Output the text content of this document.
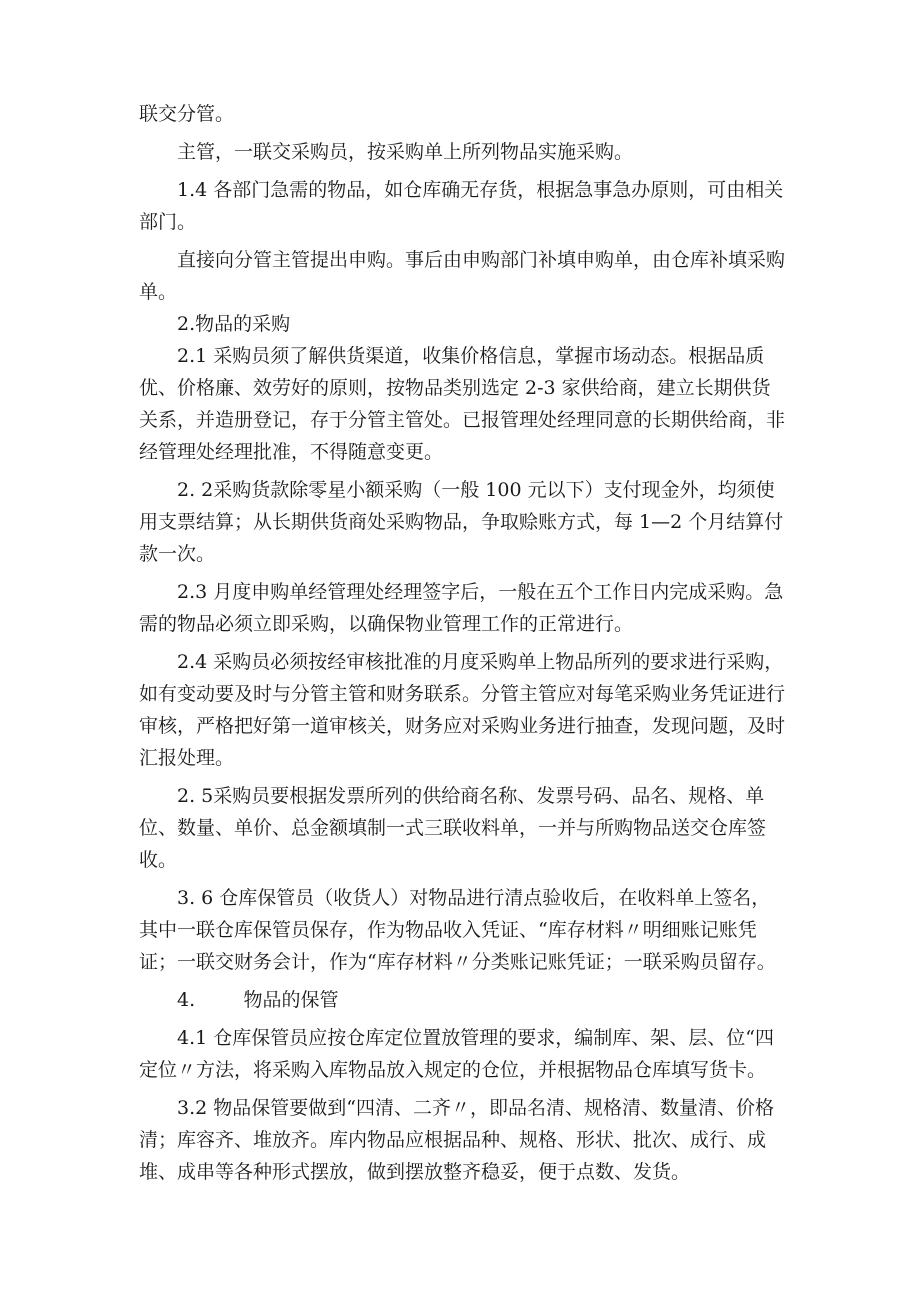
联交分管。

主管，一联交采购员，按采购单上所列物品实施采购。

1.4 各部门急需的物品，如仓库确无存货，根据急事急办原则，可由相关部门。

直接向分管主管提出申购。事后由申购部门补填申购单，由仓库补填采购单。

2.物品的采购

2.1 采购员须了解供货渠道，收集价格信息，掌握市场动态。根据品质优、价格廉、效劳好的原则，按物品类别选定 2-3 家供给商，建立长期供货关系，并造册登记，存于分管主管处。已报管理处经理同意的长期供给商，非经管理处经理批准，不得随意变更。

2. 2采购货款除零星小额采购（一般 100 元以下）支付现金外，均须使用支票结算；从长期供货商处采购物品，争取赊账方式，每 1—2 个月结算付款一次。

2.3 月度申购单经管理处经理签字后，一般在五个工作日内完成采购。急需的物品必须立即采购，以确保物业管理工作的正常进行。

2.4 采购员必须按经审核批准的月度采购单上物品所列的要求进行采购，如有变动要及时与分管主管和财务联系。分管主管应对每笔采购业务凭证进行审核，严格把好第一道审核关，财务应对采购业务进行抽查，发现问题，及时汇报处理。

2. 5采购员要根据发票所列的供给商名称、发票号码、品名、规格、单位、数量、单价、总金额填制一式三联收料单，一并与所购物品送交仓库签收。

3. 6 仓库保管员（收货人）对物品进行清点验收后，在收料单上签名，其中一联仓库保管员保存，作为物品收入凭证、“库存材料〃明细账记账凭证；一联交财务会计，作为“库存材料〃分类账记账凭证；一联采购员留存。

4.        物品的保管

4.1 仓库保管员应按仓库定位置放管理的要求，编制库、架、层、位“四定位〃方法，将采购入库物品放入规定的仓位，并根据物品仓库填写货卡。

3.2 物品保管要做到“四清、二齐〃，即品名清、规格清、数量清、价格清；库容齐、堆放齐。库内物品应根据品种、规格、形状、批次、成行、成堆、成串等各种形式摆放，做到摆放整齐稳妥，便于点数、发货。
